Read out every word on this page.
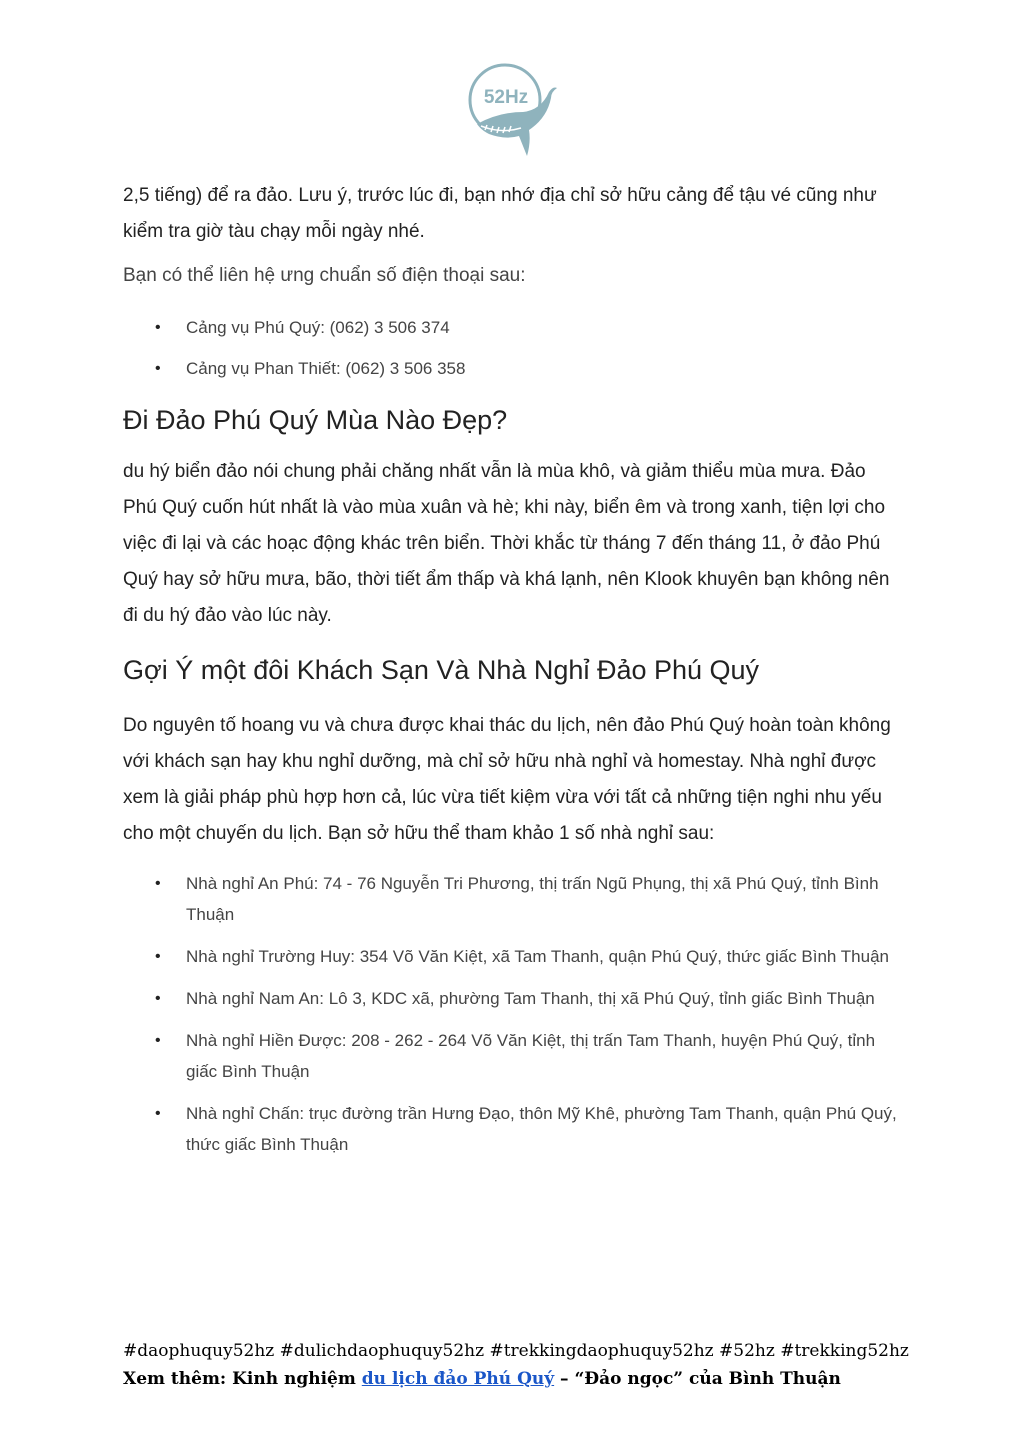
52Hz

2,5 tiếng) để ra đảo. Lưu ý, trước lúc đi, bạn nhớ địa chỉ sở hữu cảng để tậu vé cũng như kiểm tra giờ tàu chạy mỗi ngày nhé.

Bạn có thể liên hệ ưng chuẩn số điện thoại sau:

• Cảng vụ Phú Quý: (062) 3 506 374
• Cảng vụ Phan Thiết: (062) 3 506 358
Đi Đảo Phú Quý Mùa Nào Đẹp?

du hý biển đảo nói chung phải chăng nhất vẫn là mùa khô, và giảm thiểu mùa mưa. Đảo Phú Quý cuốn hút nhất là vào mùa xuân và hè; khi này, biển êm và trong xanh, tiện lợi cho việc đi lại và các hoạc động khác trên biển. Thời khắc từ tháng 7 đến tháng 11, ở đảo Phú Quý hay sở hữu mưa, bão, thời tiết ẩm thấp và khá lạnh, nên Klook khuyên bạn không nên đi du hý đảo vào lúc này.

Gợi Ý một đôi Khách Sạn Và Nhà Nghỉ Đảo Phú Quý

Do nguyên tố hoang vu và chưa được khai thác du lịch, nên đảo Phú Quý hoàn toàn không với khách sạn hay khu nghỉ dưỡng, mà chỉ sở hữu nhà nghỉ và homestay. Nhà nghỉ được xem là giải pháp phù hợp hơn cả, lúc vừa tiết kiệm vừa với tất cả những tiện nghi nhu yếu cho một chuyến du lịch. Bạn sở hữu thể tham khảo 1 số nhà nghỉ sau:

• Nhà nghỉ An Phú: 74 - 76 Nguyễn Tri Phương, thị trấn Ngũ Phụng, thị xã Phú Quý, tỉnh Bình Thuận
• Nhà nghỉ Trường Huy: 354 Võ Văn Kiệt, xã Tam Thanh, quận Phú Quý, thức giấc Bình Thuận
• Nhà nghỉ Nam An: Lô 3, KDC xã, phường Tam Thanh, thị xã Phú Quý, tỉnh giấc Bình Thuận
• Nhà nghỉ Hiền Được: 208 - 262 - 264 Võ Văn Kiệt, thị trấn Tam Thanh, huyện Phú Quý, tỉnh giấc Bình Thuận
• Nhà nghỉ Chấn: trục đường trần Hưng Đạo, thôn Mỹ Khê, phường Tam Thanh, quận Phú Quý, thức giấc Bình Thuận
#daophuquy52hz #dulichdaophuquy52hz #trekkingdaophuquy52hz #52hz #trekking52hz
Xem thêm: Kinh nghiệm du lịch đảo Phú Quý – “Đảo ngọc” của Bình Thuận
